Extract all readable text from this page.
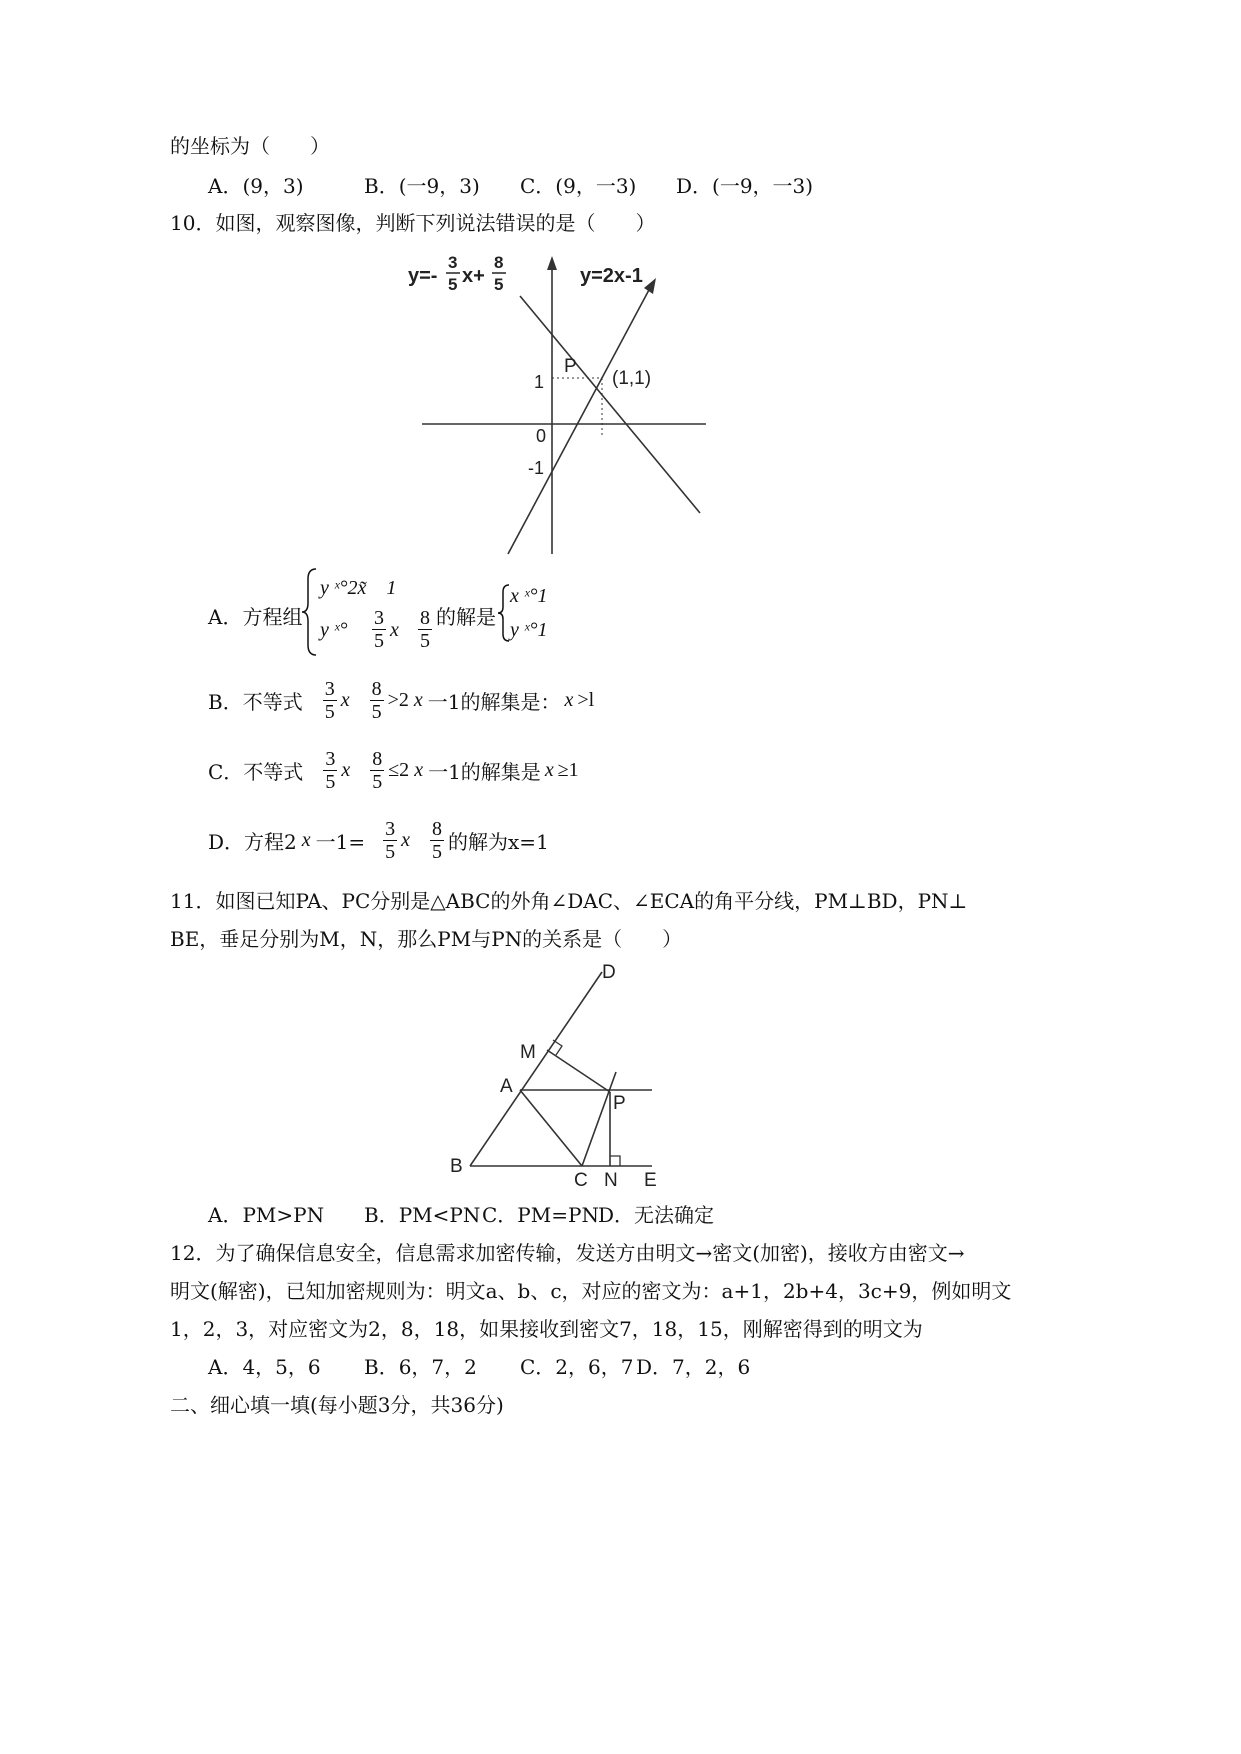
的坐标为（　　）
A．(9，3)	B．(一9，3) C．(9，一3) D．(一9，一3)
10．如图，观察图像，判断下列说法错误的是（　　）
y=-
3
5 x+
8
5	y=2x-1
P
(1,1)
1
0
-1
A．方程组
y ˣ°2x̃　1
y ˣ° $\frac{3}{5}$ x $\frac{8}{5}$ 的解是
x ˣ°1
y ˣ°1
B．不等式 $\frac{3}{5}$ x $\frac{8}{5} >2$ x 一1的解集是： x >l
C．不等式 $\frac{3}{5}$ x $\frac{8}{5} \le 2$ x 一1的解集是 x ≥1
D．方程2 x 一$1= \frac{3}{5}$ x $\frac{8}{5}$ 的解为x=1
11．如图已知PA、PC分别是△ABC的外角∠DAC、∠ECA的角平分线，PM⊥BD，PN⊥
BE，垂足分别为M，N，那么PM与PN的关系是（　　）
D
M
A
P
B
C N E
A．PM>PN B．PM<PN C．PM=PN D．无法确定
12．为了确保信息安全，信息需求加密传输，发送方由明文→密文(加密)，接收方由密文→
明文(解密)，已知加密规则为：明文a、b、c，对应的密文为：a+1，2b+4，3c+9，例如明文
1，2，3，对应密文为2，8，18，如果接收到密文7，18，15，刚解密得到的明文为
A．4，5，6 B．6，7，2 C．2，6，7 D．7，2，6
二、细心填一填(每小题3分，共36分)
